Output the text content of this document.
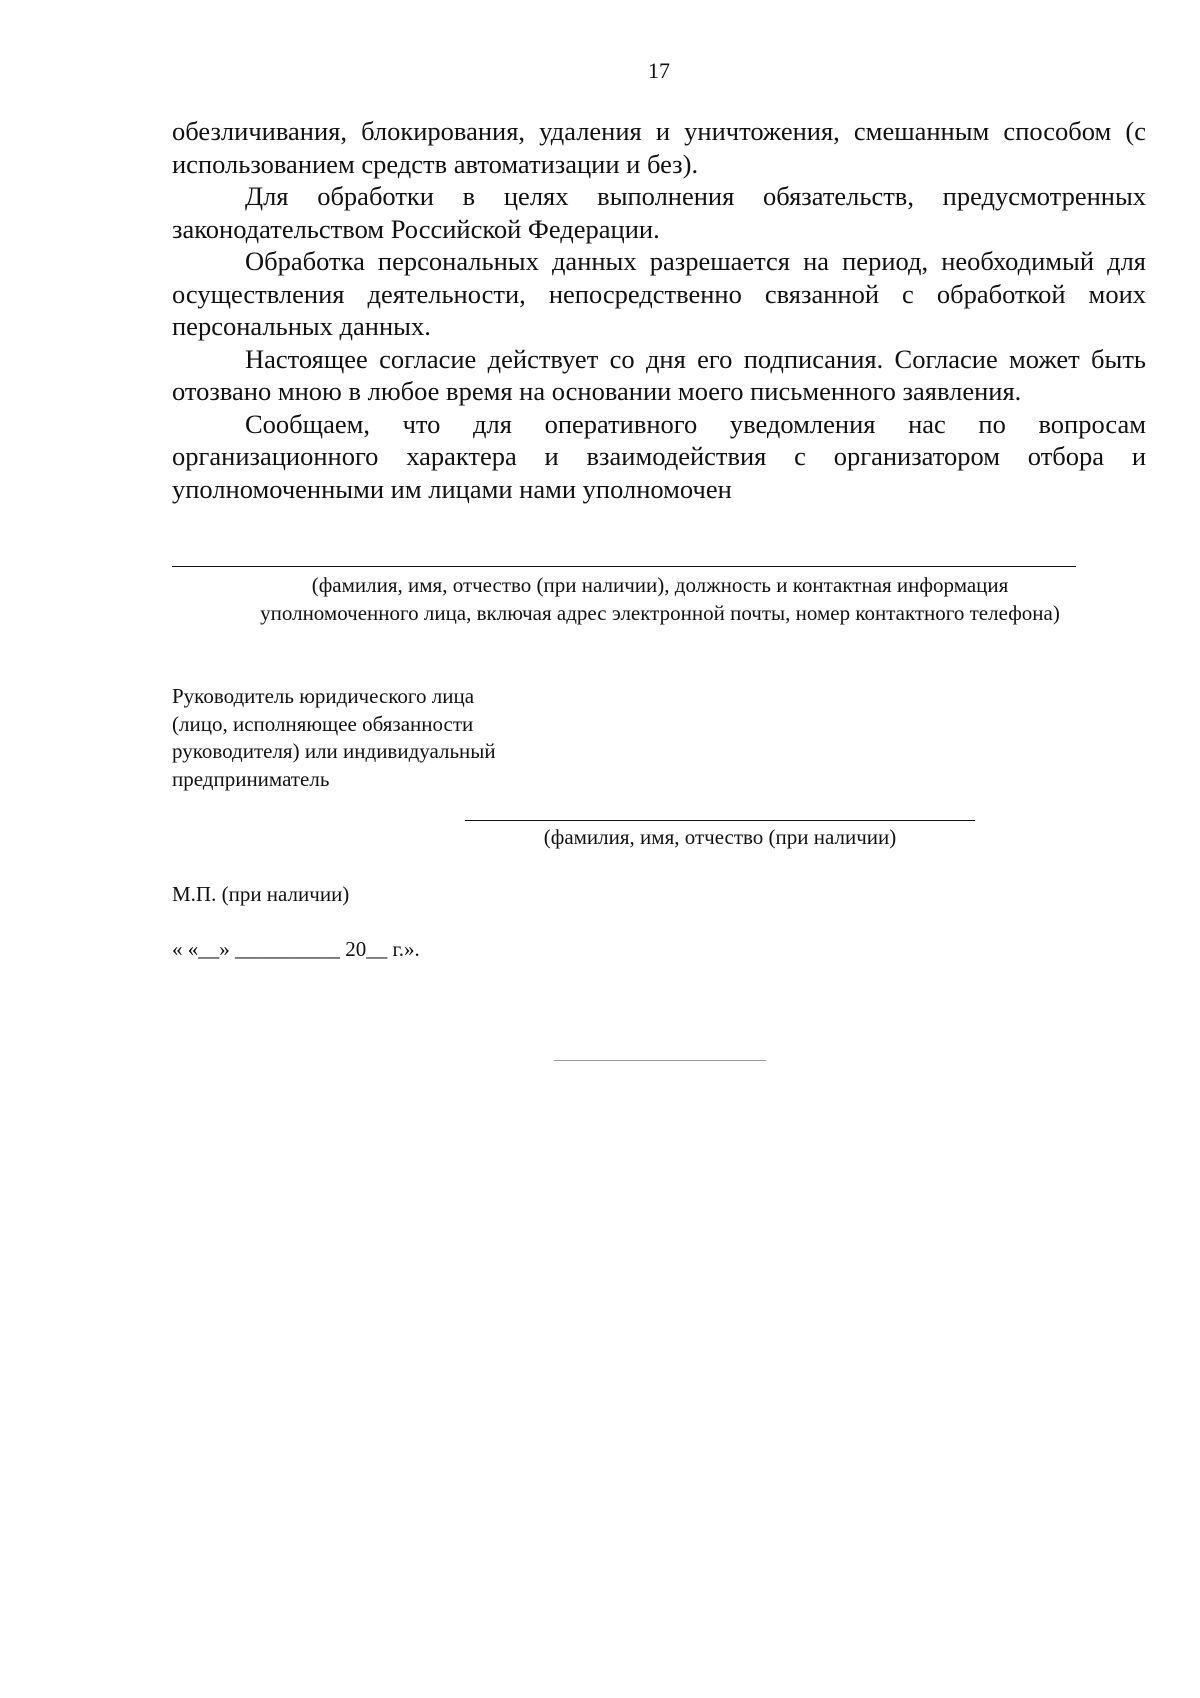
17

обезличивания, блокирования, удаления и уничтожения, смешанным способом (с использованием средств автоматизации и без).

Для обработки в целях выполнения обязательств, предусмотренных законодательством Российской Федерации.

Обработка персональных данных разрешается на период, необходимый для осуществления деятельности, непосредственно связанной с обработкой моих персональных данных.

Настоящее согласие действует со дня его подписания. Согласие может быть отозвано мною в любое время на основании моего письменного заявления.

Сообщаем, что для оперативного уведомления нас по вопросам организационного характера и взаимодействия с организатором отбора и уполномоченными им лицами нами уполномочен

(фамилия, имя, отчество (при наличии), должность и контактная информация уполномоченного лица, включая адрес электронной почты, номер контактного телефона)
Руководитель юридического лица (лицо, исполняющее обязанности руководителя) или индивидуальный предприниматель
(фамилия, имя, отчество (при наличии)
М.П. (при наличии)
« «__» __________ 20__ г.».
